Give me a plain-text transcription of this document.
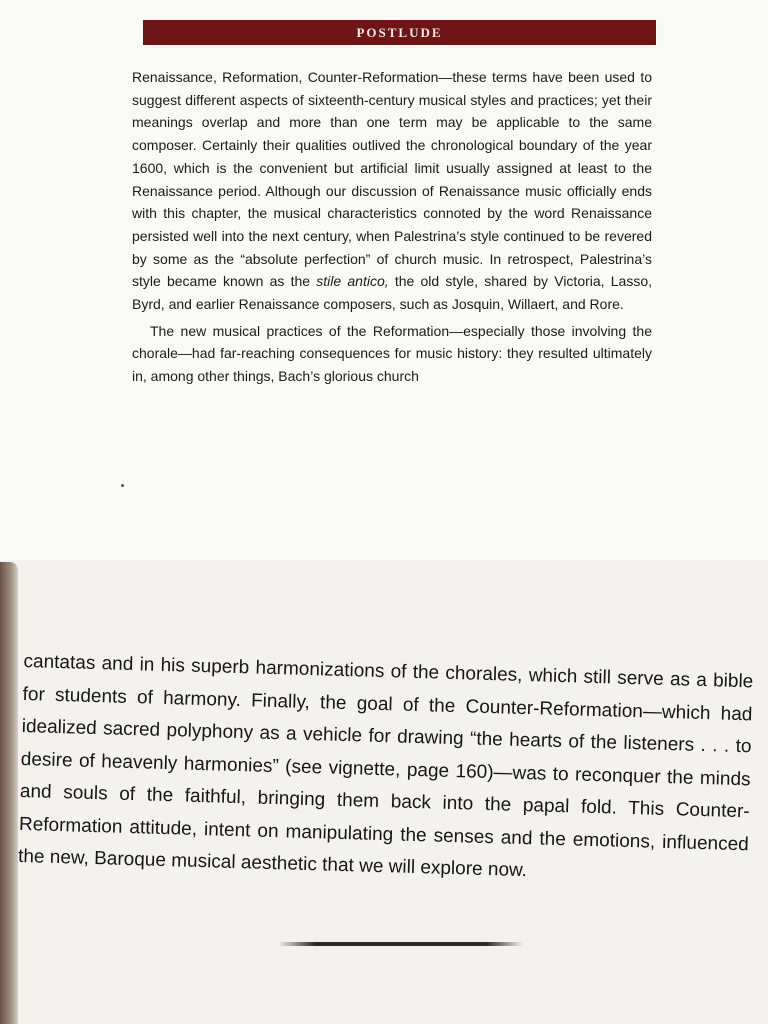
POSTLUDE

Renaissance, Reformation, Counter-Reformation—these terms have been used to suggest different aspects of sixteenth-century musical styles and practices; yet their meanings overlap and more than one term may be applicable to the same composer. Certainly their qualities outlived the chronological boundary of the year 1600, which is the convenient but artificial limit usually assigned at least to the Renaissance period. Although our discussion of Renaissance music officially ends with this chapter, the musical characteristics connoted by the word Renaissance persisted well into the next century, when Palestrina’s style continued to be revered by some as the “absolute perfection” of church music. In retrospect, Palestrina’s style became known as the stile antico, the old style, shared by Victoria, Lasso, Byrd, and earlier Renaissance composers, such as Josquin, Willaert, and Rore.

The new musical practices of the Reformation—especially those involving the chorale—had far-reaching consequences for music history: they resulted ultimately in, among other things, Bach’s glorious church

cantatas and in his superb harmonizations of the chorales, which still serve as a bible for students of harmony. Finally, the goal of the Counter-Reformation—which had idealized sacred polyphony as a vehicle for drawing “the hearts of the listeners . . . to desire of heavenly harmonies” (see vignette, page 160)—was to reconquer the minds and souls of the faithful, bringing them back into the papal fold. This Counter-Reformation attitude, intent on manipulating the senses and the emotions, influenced the new, Baroque musical aesthetic that we will explore now.
